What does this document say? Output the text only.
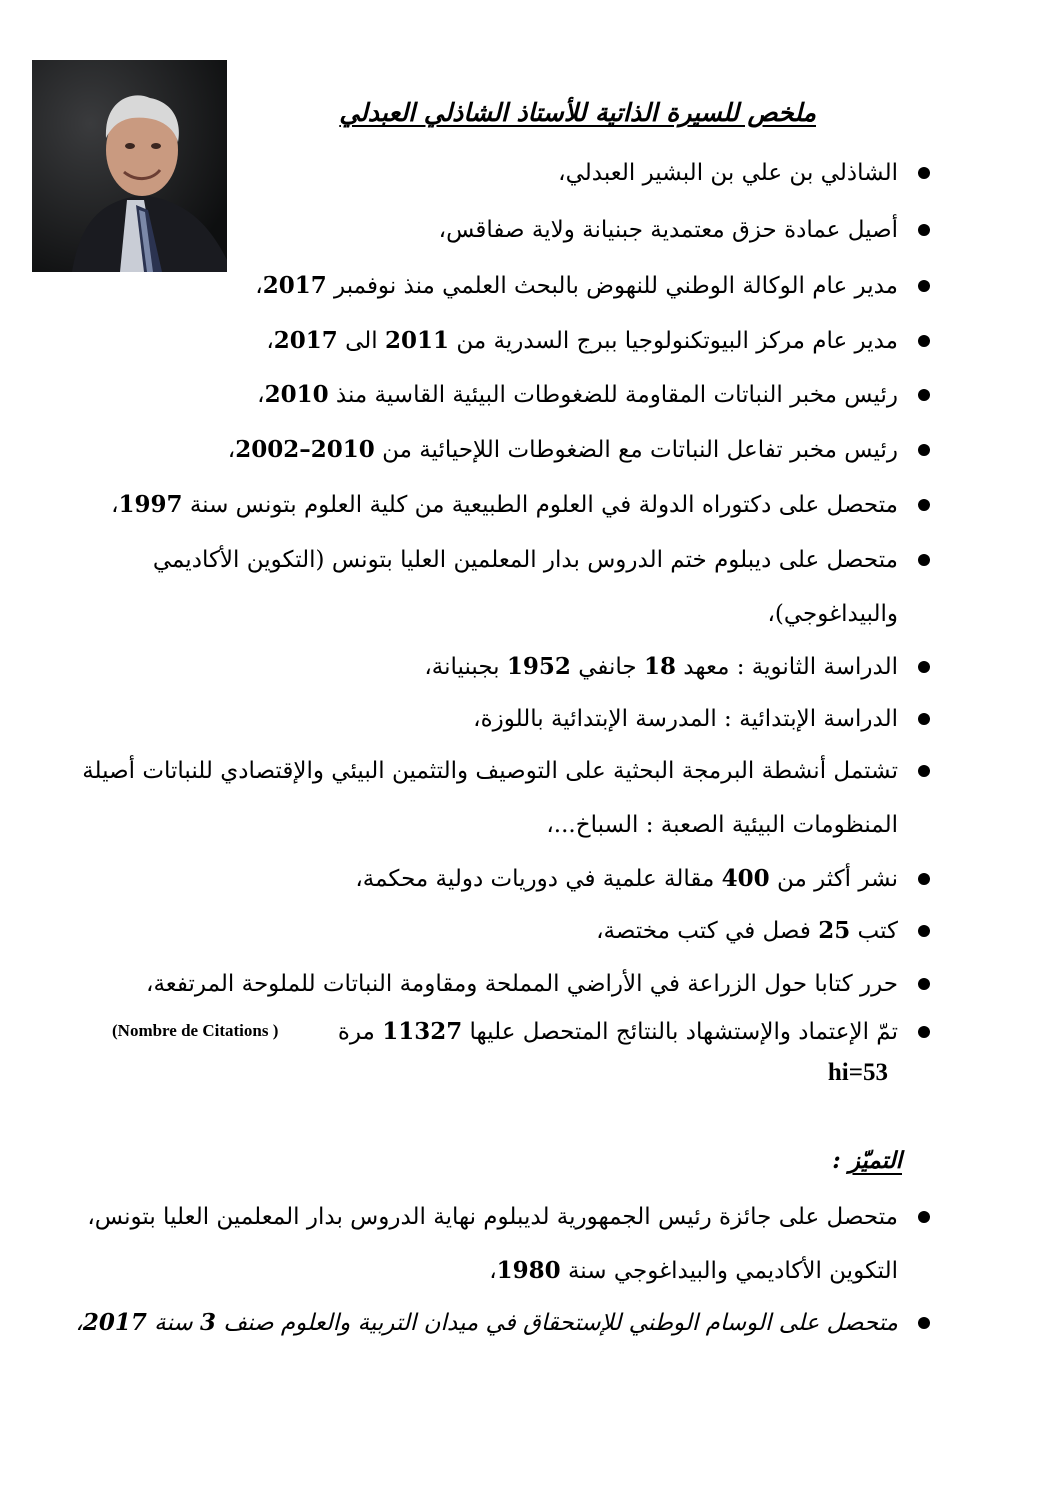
ملخص للسيرة الذاتية للأستاذ الشاذلي العبدلي

الشاذلي بن علي بن البشير العبدلي،

أصيل عمادة حزق معتمدية جبنيانة ولاية صفاقس،

مدير عام الوكالة الوطني للنهوض بالبحث العلمي منذ نوفمبر 2017،

مدير عام مركز البيوتكنولوجيا ببرج السدرية من 2011 الى 2017،

رئيس مخبر النباتات المقاومة للضغوطات البيئية القاسية منذ 2010،

رئيس مخبر تفاعل النباتات مع الضغوطات اللإحيائية من 2002–2010،

متحصل على دكتوراه الدولة في العلوم الطبيعية من كلية العلوم بتونس سنة 1997،

متحصل على ديبلوم ختم الدروس بدار المعلمين العليا بتونس (التكوين الأكاديمي

والبيداغوجي)،

الدراسة الثانوية : معهد 18 جانفي 1952 بجبنيانة،

الدراسة الإبتدائية : المدرسة الإبتدائية باللوزة،

تشتمل أنشطة البرمجة البحثية على التوصيف والتثمين البيئي والإقتصادي للنباتات أصيلة

المنظومات البيئية الصعبة : السباخ...،

نشر أكثر من 400 مقالة علمية في دوريات دولية محكمة،

كتب 25 فصل في كتب مختصة،

حرر كتابا حول الزراعة في الأراضي المملحة ومقاومة النباتات للملوحة المرتفعة،

تمّ الإعتماد والإستشهاد بالنتائج المتحصل عليها 11327 مرة

(Nombre de Citations )
hi=53
التميّز :

متحصل على جائزة رئيس الجمهورية لديبلوم نهاية الدروس بدار المعلمين العليا بتونس،

التكوين الأكاديمي والبيداغوجي سنة 1980،

متحصل على الوسام الوطني للإستحقاق في ميدان التربية والعلوم صنف 3 سنة 2017،
